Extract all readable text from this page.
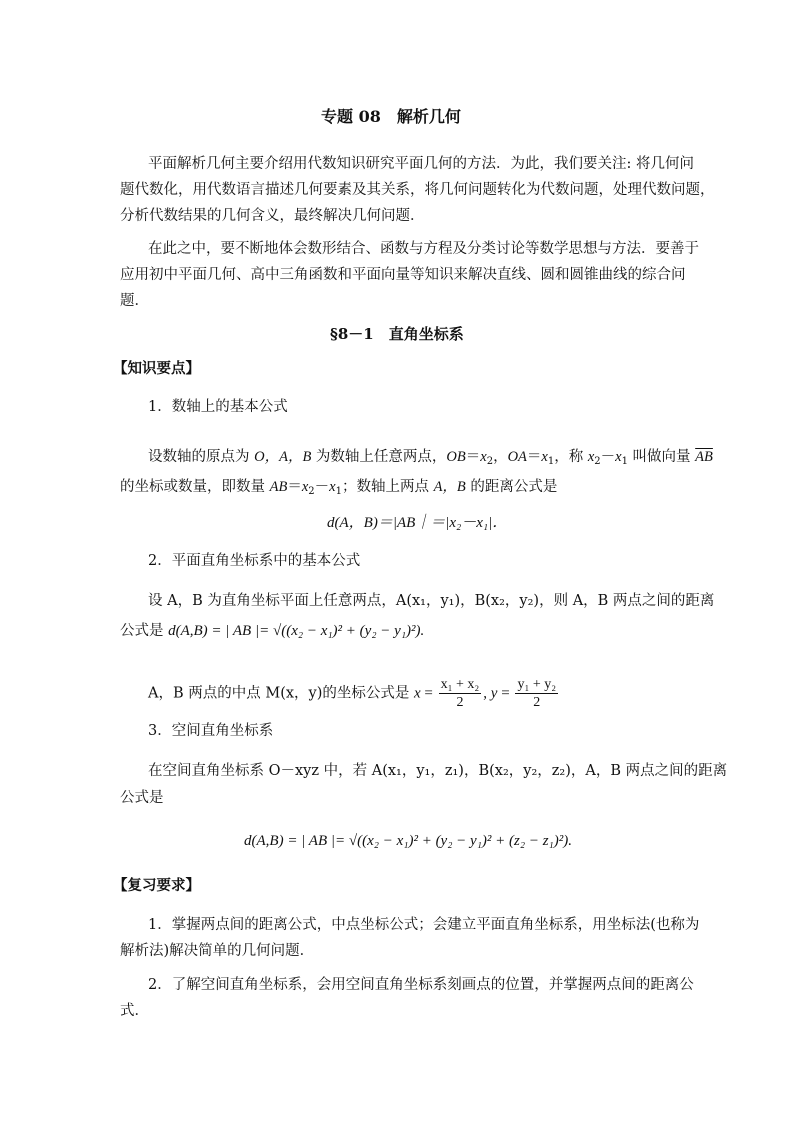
专题 08　解析几何
平面解析几何主要介绍用代数知识研究平面几何的方法．为此，我们要关注: 将几何问
题代数化，用代数语言描述几何要素及其关系，将几何问题转化为代数问题，处理代数问题，
分析代数结果的几何含义，最终解决几何问题．
在此之中，要不断地体会数形结合、函数与方程及分类讨论等数学思想与方法．要善于
应用初中平面几何、高中三角函数和平面向量等知识来解决直线、圆和圆锥曲线的综合问
题．
§8－1　直角坐标系
【知识要点】
1．数轴上的基本公式
设数轴的原点为 O，A，B 为数轴上任意两点，$OB=x_2$，$OA=x_1$，称 $x_2-x_1$ 叫做向量 $\overline{AB}$
的坐标或数量，即数量 $AB=x_2-x_1$；数轴上两点 A，B 的距离公式是
d(A，B)＝|AB｜＝|x₂－x₁|．
2．平面直角坐标系中的基本公式
设 A，B 为直角坐标平面上任意两点，A(x₁，y₁)，B(x₂，y₂)，则 A，B 两点之间的距离
公式是 d(A,B) = | AB |= √((x₂ − x₁)² + (y₂ − y₁)²).
A，B 两点的中点 M(x，y)的坐标公式是 $x = \frac{\text{x₁ + x₂}}{2}$ , $y = \frac{\text{y₁ + y₂}}{2}$
3．空间直角坐标系
在空间直角坐标系 O－xyz 中，若 A(x₁，y₁，z₁)，B(x₂，y₂，z₂)，A，B 两点之间的距离
公式是
d(A,B) = | AB |= √((x₂ − x₁)² + (y₂ − y₁)² + (z₂ − z₁)²).
【复习要求】
1．掌握两点间的距离公式，中点坐标公式；会建立平面直角坐标系，用坐标法(也称为
解析法)解决简单的几何问题．
2．了解空间直角坐标系，会用空间直角坐标系刻画点的位置，并掌握两点间的距离公
式．
